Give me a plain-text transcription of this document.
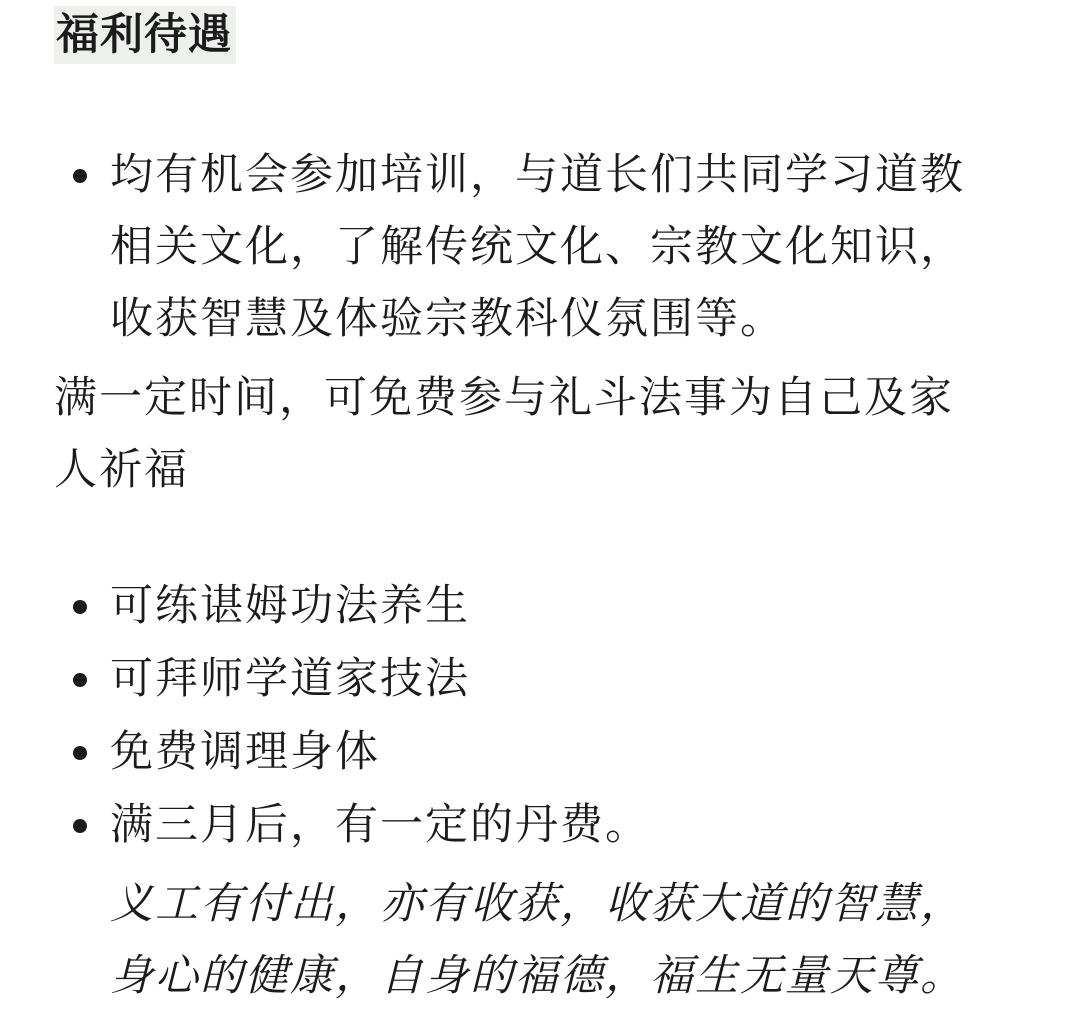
福利待遇
均有机会参加培训，与道长们共同学习道教
相关文化，了解传统文化、宗教文化知识，
收获智慧及体验宗教科仪氛围等。

满一定时间，可免费参与礼斗法事为自己及家
人祈福

可练谌姆功法养生
可拜师学道家技法
免费调理身体
满三月后，有一定的丹费。

义工有付出，亦有收获，收获大道的智慧，
身心的健康，自身的福德，福生无量天尊。
